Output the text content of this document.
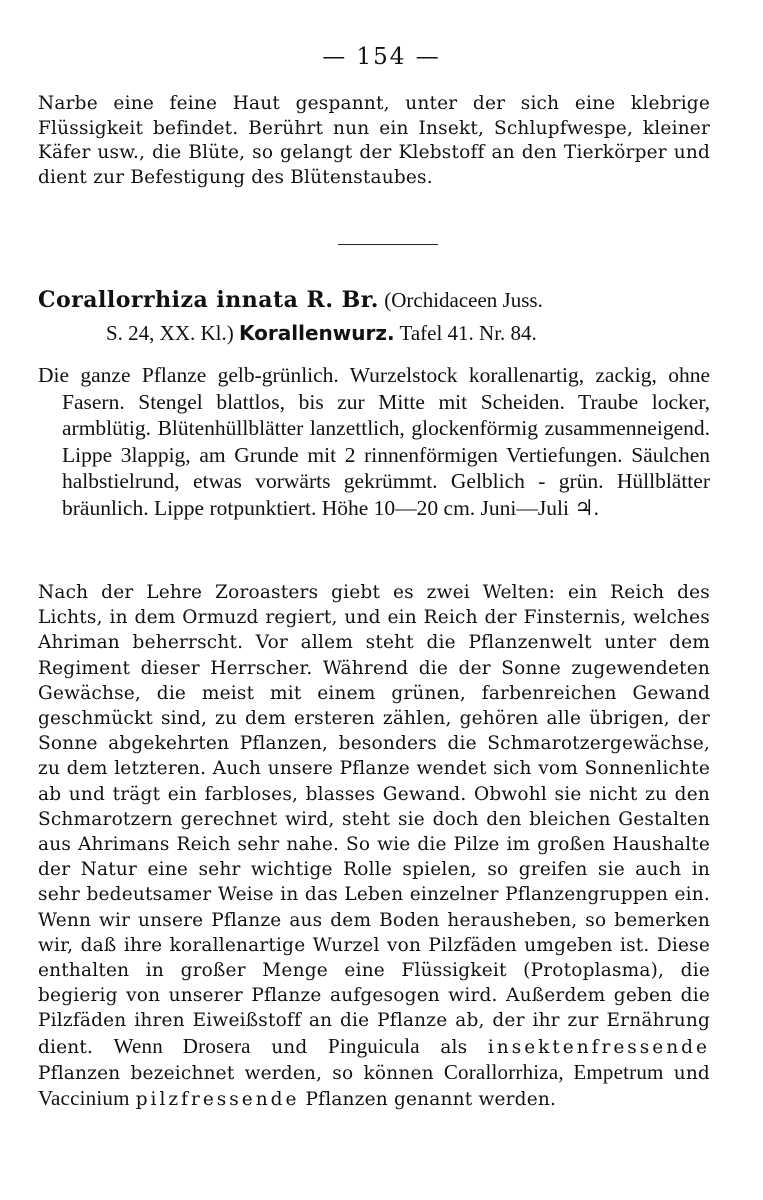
— 154 —
Narbe eine feine Haut gespannt, unter der sich eine klebrige Flüssigkeit befindet. Berührt nun ein Insekt, Schlupfwespe, kleiner Käfer usw., die Blüte, so gelangt der Klebstoff an den Tierkörper und dient zur Befestigung des Blütenstaubes.
Corallorrhiza innata R. Br. (Orchidaceen Juss.
S. 24, XX. Kl.) Korallenwurz. Tafel 41. Nr. 84.

Die ganze Pflanze gelb-grünlich. Wurzelstock korallenartig, zackig, ohne Fasern. Stengel blattlos, bis zur Mitte mit Scheiden. Traube locker, armblütig. Blütenhüllblätter lanzettlich, glockenförmig zusammenneigend. Lippe 3lappig, am Grunde mit 2 rinnenförmigen Vertiefungen. Säulchen halbstielrund, etwas vorwärts gekrümmt. Gelblich - grün. Hüllblätter bräunlich. Lippe rotpunktiert. Höhe 10—20 cm. Juni—Juli ♃.

Nach der Lehre Zoroasters giebt es zwei Welten: ein Reich des Lichts, in dem Ormuzd regiert, und ein Reich der Finsternis, welches Ahriman beherrscht. Vor allem steht die Pflanzenwelt unter dem Regiment dieser Herrscher. Während die der Sonne zugewendeten Gewächse, die meist mit einem grünen, farbenreichen Gewand geschmückt sind, zu dem ersteren zählen, gehören alle übrigen, der Sonne abgekehrten Pflanzen, besonders die Schmarotzergewächse, zu dem letzteren. Auch unsere Pflanze wendet sich vom Sonnenlichte ab und trägt ein farbloses, blasses Gewand. Obwohl sie nicht zu den Schmarotzern gerechnet wird, steht sie doch den bleichen Gestalten aus Ahrimans Reich sehr nahe. So wie die Pilze im großen Haushalte der Natur eine sehr wichtige Rolle spielen, so greifen sie auch in sehr bedeutsamer Weise in das Leben einzelner Pflanzengruppen ein. Wenn wir unsere Pflanze aus dem Boden herausheben, so bemerken wir, daß ihre korallenartige Wurzel von Pilzfäden umgeben ist. Diese enthalten in großer Menge eine Flüssigkeit (Protoplasma), die begierig von unserer Pflanze aufgesogen wird. Außerdem geben die Pilzfäden ihren Eiweißstoff an die Pflanze ab, der ihr zur Ernährung dient. Wenn Drosera und Pinguicula als insektenfressende Pflanzen bezeichnet werden, so können Corallorrhiza, Empetrum und Vaccinium pilzfressende Pflanzen genannt werden.
